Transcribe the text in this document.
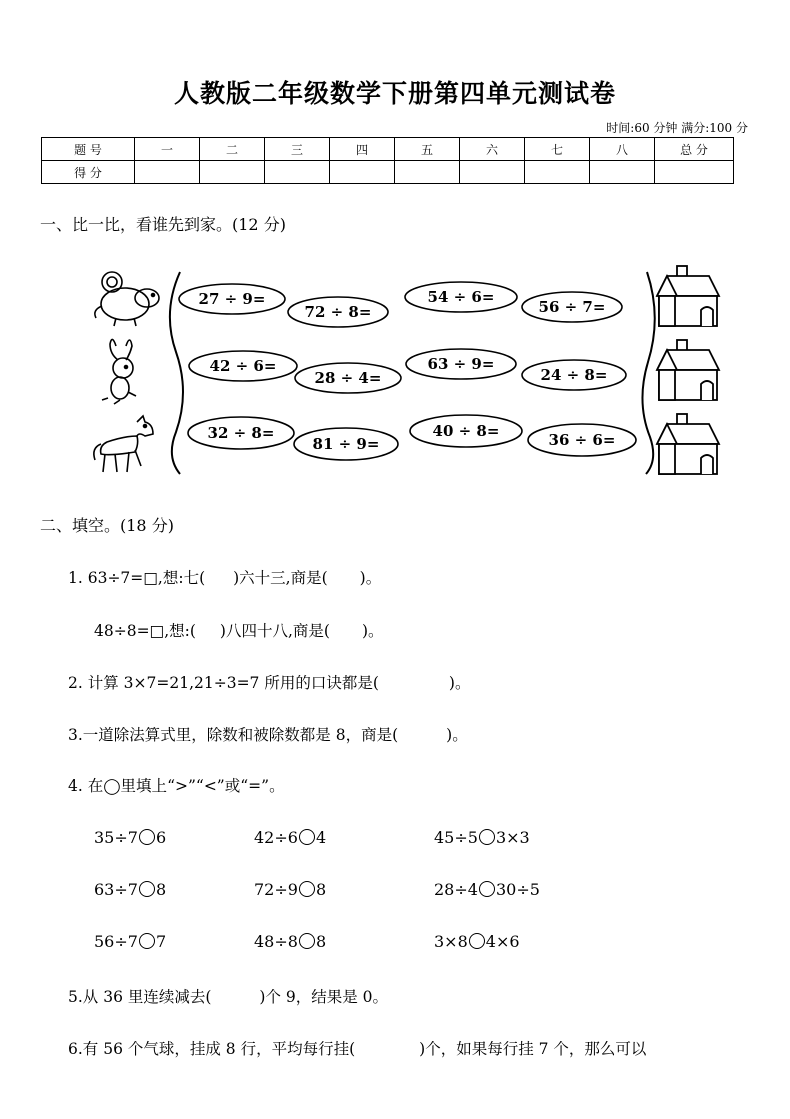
人教版二年级数学下册第四单元测试卷
时间:60 分钟 满分:100 分
题 号	一	二	三	四	五	六	七	八	总 分
得 分									
一、比一比，看谁先到家。(12 分)
27 ÷ 9=
72 ÷ 8=
54 ÷ 6=
56 ÷ 7=
42 ÷ 6=
28 ÷ 4=
63 ÷ 9=
24 ÷ 8=
32 ÷ 8=
81 ÷ 9=
40 ÷ 8=	36 ÷ 6=
二、填空。(18 分)
1. 63÷7=□,想:七( )六十三,商是( )。
48÷8=□,想:( )八四十八,商是( )。
2. 计算 3×7=21,21÷3=7 所用的口诀都是(	)。
3.一道除法算式里，除数和被除数都是 8，商是(	)。
4. 在◯里填上“>”“<”或“=”。
35÷7 6	42÷6 4	45÷5 3×3
63÷7 8	72÷9 8	28÷4 30÷5
56÷7 7	48÷8 8	3×8 4×6
5.从 36 里连续减去(	)个 9，结果是 0。
6.有 56 个气球，挂成 8 行，平均每行挂(	)个，如果每行挂 7 个，那么可以
